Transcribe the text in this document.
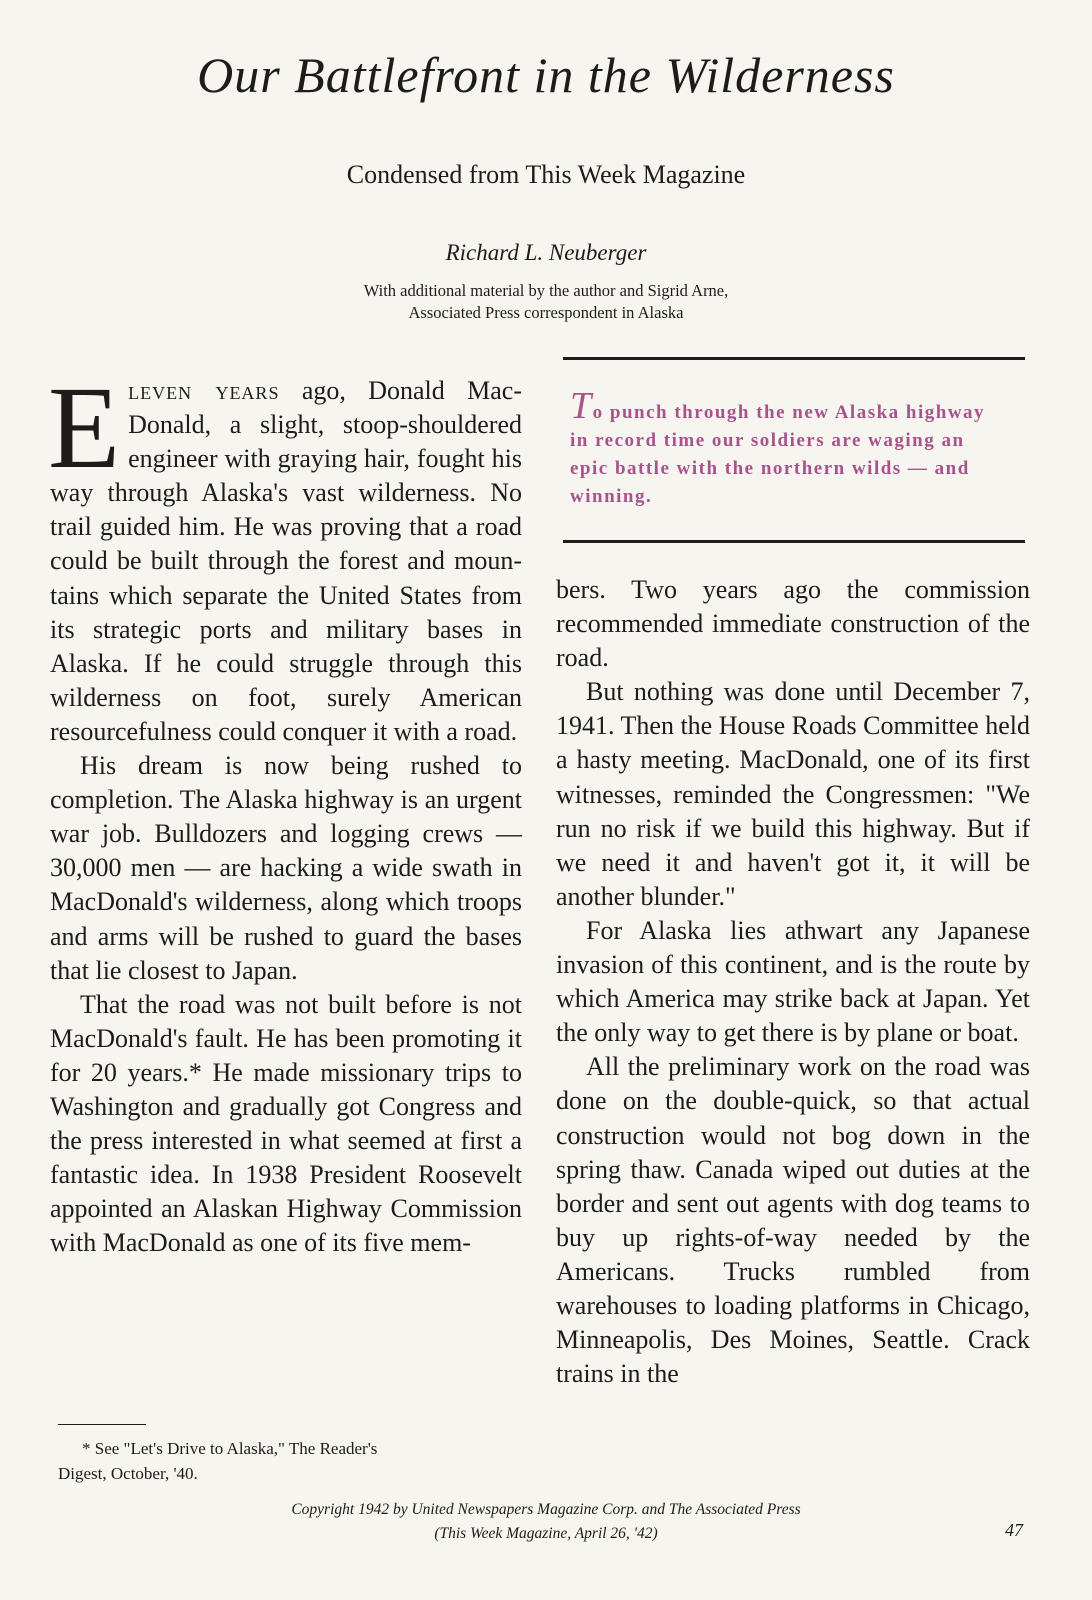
Our Battlefront in the Wilderness
Condensed from This Week Magazine
Richard L. Neuberger
With additional material by the author and Sigrid Arne,
Associated Press correspondent in Alaska

Eleven years ago, Donald MacDonald, a slight, stoop-shouldered engineer with graying hair, fought his way through Alaska's vast wilderness. No trail guided him. He was proving that a road could be built through the forest and mountains which separate the United States from its strategic ports and military bases in Alaska. If he could struggle through this wilderness on foot, surely American resourcefulness could conquer it with a road.

His dream is now being rushed to completion. The Alaska highway is an urgent war job. Bulldozers and logging crews — 30,000 men — are hacking a wide swath in MacDonald's wilderness, along which troops and arms will be rushed to guard the bases that lie closest to Japan.

That the road was not built before is not MacDonald's fault. He has been promoting it for 20 years.* He made missionary trips to Washington and gradually got Congress and the press interested in what seemed at first a fantastic idea. In 1938 President Roosevelt appointed an Alaskan Highway Commission with MacDonald as one of its five mem-

To punch through the new Alaska highway in record time our soldiers are waging an epic battle with the northern wilds — and winning.

bers. Two years ago the commission recommended immediate construction of the road.

But nothing was done until December 7, 1941. Then the House Roads Committee held a hasty meeting. MacDonald, one of its first witnesses, reminded the Congressmen: "We run no risk if we build this highway. But if we need it and haven't got it, it will be another blunder."

For Alaska lies athwart any Japanese invasion of this continent, and is the route by which America may strike back at Japan. Yet the only way to get there is by plane or boat.

All the preliminary work on the road was done on the double-quick, so that actual construction would not bog down in the spring thaw. Canada wiped out duties at the border and sent out agents with dog teams to buy up rights-of-way needed by the Americans. Trucks rumbled from warehouses to loading platforms in Chicago, Minneapolis, Des Moines, Seattle. Crack trains in the

* See "Let's Drive to Alaska," The Reader's
Digest, October, '40.
Copyright 1942 by United Newspapers Magazine Corp. and The Associated Press
(This Week Magazine, April 26, '42)	47
